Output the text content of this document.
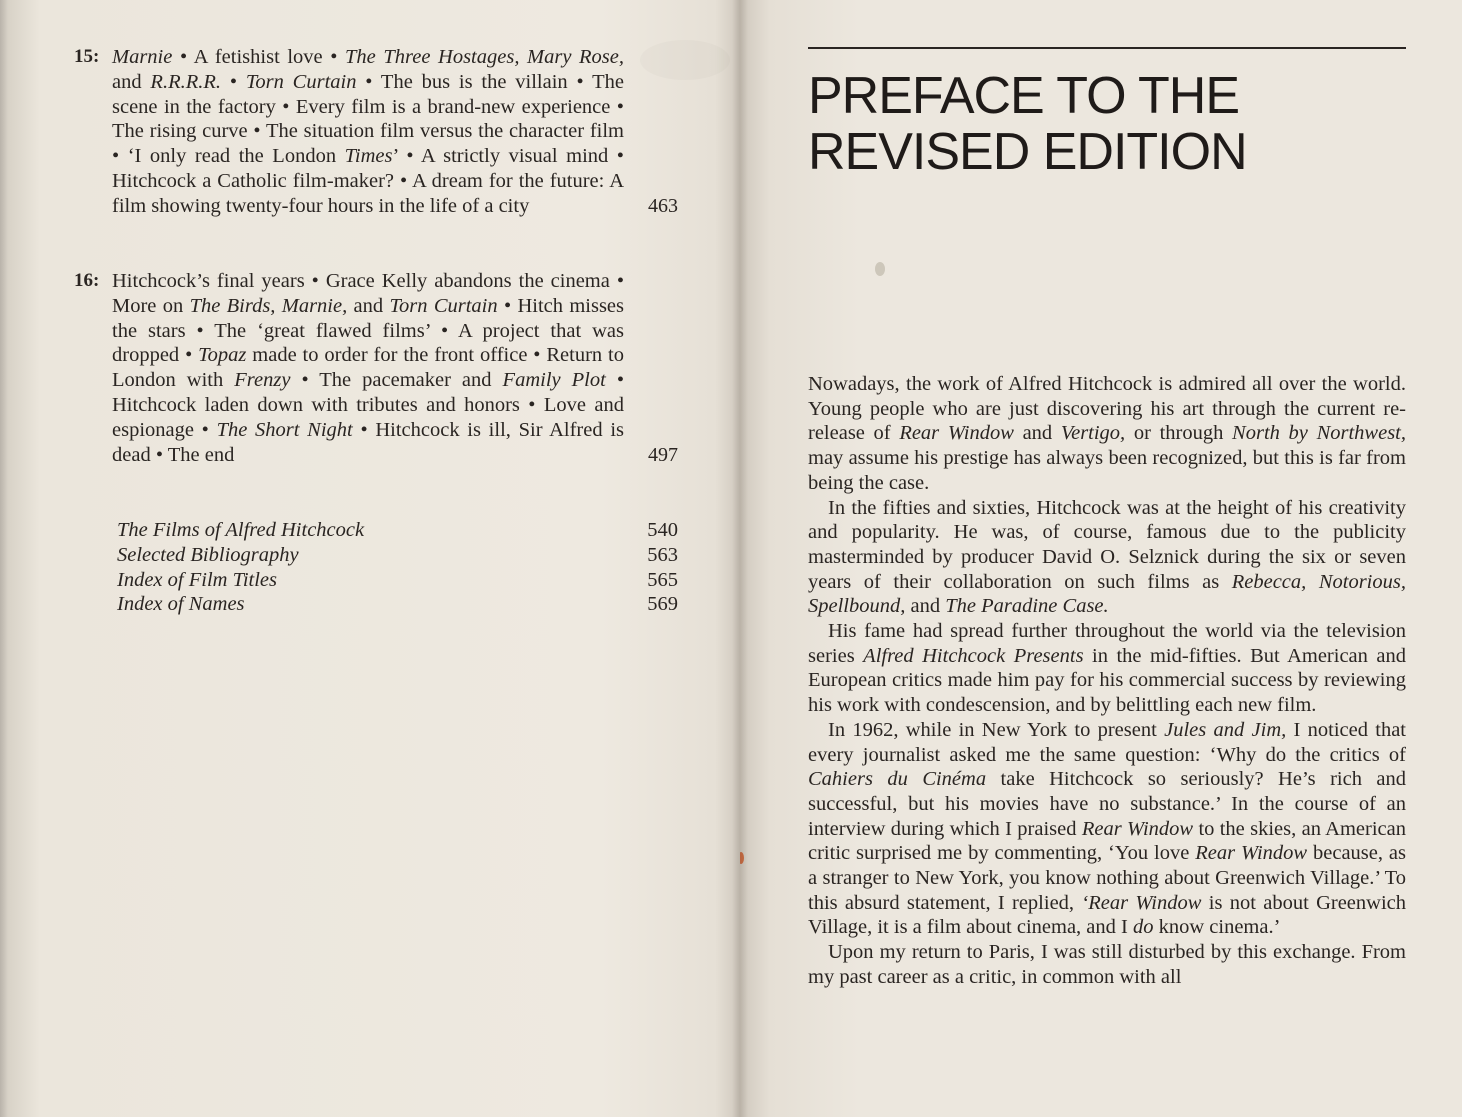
15: Marnie • A fetishist love • The Three Hostages, Mary Rose, and R.R.R.R. • Torn Curtain • The bus is the villain • The scene in the factory • Every film is a brand-new experience • The rising curve • The situation film versus the character film • ‘I only read the London Times’ • A strictly visual mind • Hitchcock a Catholic film-maker? • A dream for the future: A film showing twenty-four hours in the life of a city	463
16: Hitchcock’s final years • Grace Kelly abandons the cinema • More on The Birds, Marnie, and Torn Curtain • Hitch misses the stars • The ‘great flawed films’ • A project that was dropped • Topaz made to order for the front office • Return to London with Frenzy • The pacemaker and Family Plot • Hitchcock laden down with tributes and honors • Love and espionage • The Short Night • Hitchcock is ill, Sir Alfred is dead • The end	497
The Films of Alfred Hitchcock	540
Selected Bibliography	563
Index of Film Titles	565
Index of Names	569
PREFACE TO THE
REVISED EDITION

Nowadays, the work of Alfred Hitchcock is admired all over the world. Young people who are just discovering his art through the current re-release of Rear Window and Vertigo, or through North by Northwest, may assume his prestige has always been recognized, but this is far from being the case.

In the fifties and sixties, Hitchcock was at the height of his creativity and popularity. He was, of course, famous due to the publicity masterminded by producer David O. Selznick during the six or seven years of their collaboration on such films as Rebecca, Notorious, Spellbound, and The Paradine Case.

His fame had spread further throughout the world via the television series Alfred Hitchcock Presents in the mid-fifties. But American and European critics made him pay for his commercial success by reviewing his work with condescension, and by belittling each new film.

In 1962, while in New York to present Jules and Jim, I noticed that every journalist asked me the same question: ‘Why do the critics of Cahiers du Cinéma take Hitchcock so seriously? He’s rich and successful, but his movies have no substance.’ In the course of an interview during which I praised Rear Window to the skies, an American critic surprised me by commenting, ‘You love Rear Window because, as a stranger to New York, you know nothing about Greenwich Village.’ To this absurd statement, I replied, ‘Rear Window is not about Greenwich Village, it is a film about cinema, and I do know cinema.’

Upon my return to Paris, I was still disturbed by this exchange. From my past career as a critic, in common with all
